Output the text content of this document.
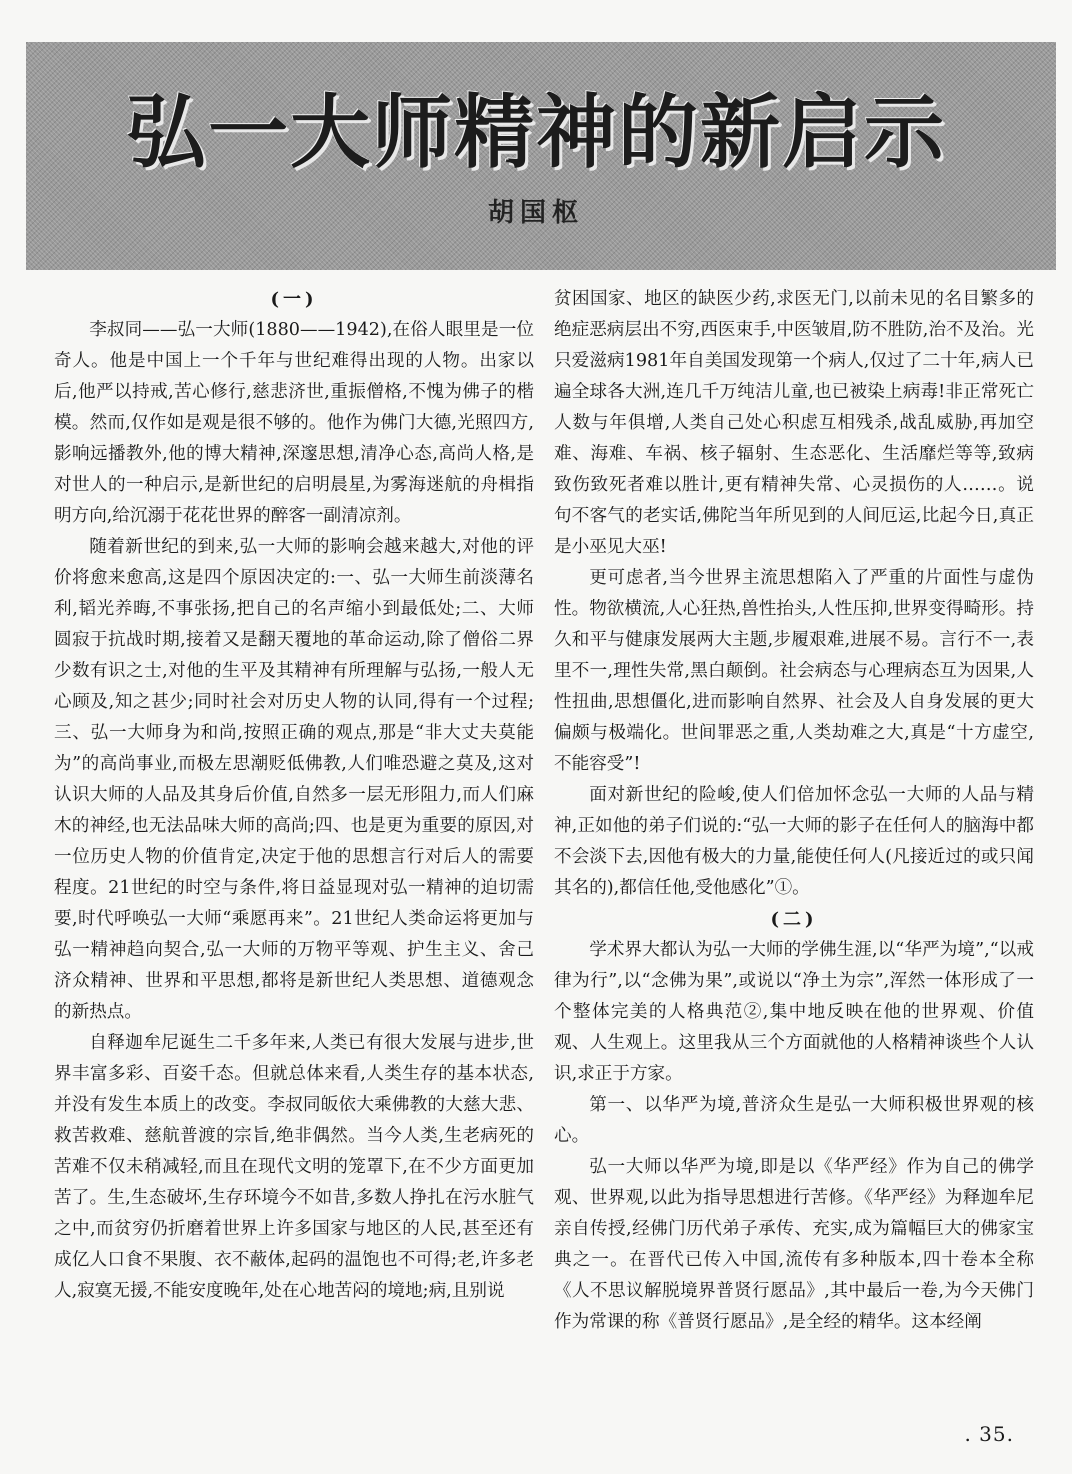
弘一大师精神的新启示
胡国枢
(一)

李叔同——弘一大师(1880——1942),在俗人眼里是一位奇人。他是中国上一个千年与世纪难得出现的人物。出家以后,他严以持戒,苦心修行,慈悲济世,重振僧格,不愧为佛子的楷模。然而,仅作如是观是很不够的。他作为佛门大德,光照四方,影响远播教外,他的博大精神,深邃思想,清净心态,高尚人格,是对世人的一种启示,是新世纪的启明晨星,为雾海迷航的舟楫指明方向,给沉溺于花花世界的醉客一副清凉剂。

随着新世纪的到来,弘一大师的影响会越来越大,对他的评价将愈来愈高,这是四个原因决定的:一、弘一大师生前淡薄名利,韬光养晦,不事张扬,把自己的名声缩小到最低处;二、大师圆寂于抗战时期,接着又是翻天覆地的革命运动,除了僧俗二界少数有识之士,对他的生平及其精神有所理解与弘扬,一般人无心顾及,知之甚少;同时社会对历史人物的认同,得有一个过程;三、弘一大师身为和尚,按照正确的观点,那是“非大丈夫莫能为”的高尚事业,而极左思潮贬低佛教,人们唯恐避之莫及,这对认识大师的人品及其身后价值,自然多一层无形阻力,而人们麻木的神经,也无法品味大师的高尚;四、也是更为重要的原因,对一位历史人物的价值肯定,决定于他的思想言行对后人的需要程度。21世纪的时空与条件,将日益显现对弘一精神的迫切需要,时代呼唤弘一大师“乘愿再来”。21世纪人类命运将更加与弘一精神趋向契合,弘一大师的万物平等观、护生主义、舍己济众精神、世界和平思想,都将是新世纪人类思想、道德观念的新热点。

自释迦牟尼诞生二千多年来,人类已有很大发展与进步,世界丰富多彩、百姿千态。但就总体来看,人类生存的基本状态,并没有发生本质上的改变。李叔同皈依大乘佛教的大慈大悲、救苦救难、慈航普渡的宗旨,绝非偶然。当今人类,生老病死的苦难不仅未稍减轻,而且在现代文明的笼罩下,在不少方面更加苦了。生,生态破坏,生存环境今不如昔,多数人挣扎在污水脏气之中,而贫穷仍折磨着世界上许多国家与地区的人民,甚至还有成亿人口食不果腹、衣不蔽体,起码的温饱也不可得;老,许多老人,寂寞无援,不能安度晚年,处在心地苦闷的境地;病,且别说

贫困国家、地区的缺医少药,求医无门,以前未见的名目繁多的绝症恶病层出不穷,西医束手,中医皱眉,防不胜防,治不及治。光只爱滋病1981年自美国发现第一个病人,仅过了二十年,病人已遍全球各大洲,连几千万纯洁儿童,也已被染上病毒!非正常死亡人数与年俱增,人类自己处心积虑互相残杀,战乱威胁,再加空难、海难、车祸、核子辐射、生态恶化、生活靡烂等等,致病致伤致死者难以胜计,更有精神失常、心灵损伤的人……。说句不客气的老实话,佛陀当年所见到的人间厄运,比起今日,真正是小巫见大巫!

更可虑者,当今世界主流思想陷入了严重的片面性与虚伪性。物欲横流,人心狂热,兽性抬头,人性压抑,世界变得畸形。持久和平与健康发展两大主题,步履艰难,进展不易。言行不一,表里不一,理性失常,黑白颠倒。社会病态与心理病态互为因果,人性扭曲,思想僵化,进而影响自然界、社会及人自身发展的更大偏颇与极端化。世间罪恶之重,人类劫难之大,真是“十方虚空,不能容受”!

面对新世纪的险峻,使人们倍加怀念弘一大师的人品与精神,正如他的弟子们说的:“弘一大师的影子在任何人的脑海中都不会淡下去,因他有极大的力量,能使任何人(凡接近过的或只闻其名的),都信任他,受他感化”①。

(二)

学术界大都认为弘一大师的学佛生涯,以“华严为境”,“以戒律为行”,以“念佛为果”,或说以“净土为宗”,浑然一体形成了一个整体完美的人格典范②,集中地反映在他的世界观、价值观、人生观上。这里我从三个方面就他的人格精神谈些个人认识,求正于方家。

第一、以华严为境,普济众生是弘一大师积极世界观的核心。

弘一大师以华严为境,即是以《华严经》作为自己的佛学观、世界观,以此为指导思想进行苦修。《华严经》为释迦牟尼亲自传授,经佛门历代弟子承传、充实,成为篇幅巨大的佛家宝典之一。在晋代已传入中国,流传有多种版本,四十卷本全称《人不思议解脱境界普贤行愿品》,其中最后一卷,为今天佛门作为常课的称《普贤行愿品》,是全经的精华。这本经阐

. 35.
